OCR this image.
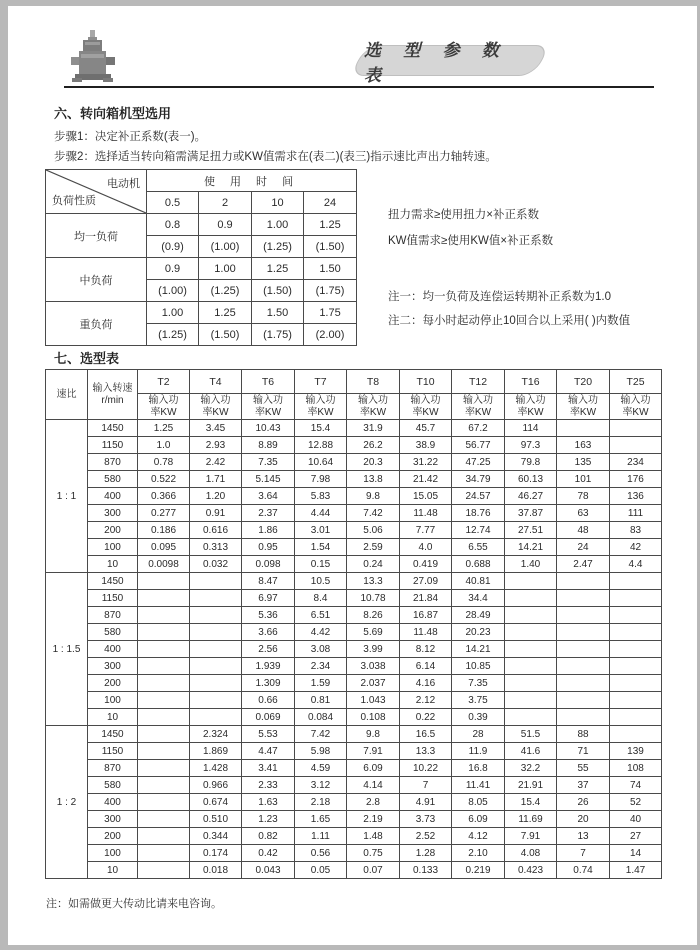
选 型 参 数 表
六、转向箱机型选用
步骤1：决定补正系数(表一)。
步骤2：选择适当转向箱需满足扭力或KW值需求在(表二)(表三)指示速比声出力轴转速。
电动机
负荷性质	使 用 时 间			
	0.5	2	10	24
均一负荷	0.8	0.9	1.00	1.25
	(0.9)	(1.00)	(1.25)	(1.50)
中负荷	0.9	1.00	1.25	1.50
	(1.00)	(1.25)	(1.50)	(1.75)
重负荷	1.00	1.25	1.50	1.75
	(1.25)	(1.50)	(1.75)	(2.00)
扭力需求≥使用扭力×补正系数
KW值需求≥使用KW值×补正系数
注一：均一负荷及连偿运转期补正系数为1.0
注二：每小时起动停止10回合以上采用( )内数值
七、选型表
速比	输入转速
r/min	T2	T4	T6	T7	T8	T10	T12	T16	T20	T25
		输入功率KW	输入功率KW	输入功率KW	输入功率KW	输入功率KW	输入功率KW	输入功率KW	输入功率KW	输入功率KW	输入功率KW
1 : 1	1450	1.25	3.45	10.43	15.4	31.9	45.7	67.2	114		
	1150	1.0	2.93	8.89	12.88	26.2	38.9	56.77	97.3	163	
	870	0.78	2.42	7.35	10.64	20.3	31.22	47.25	79.8	135	234
	580	0.522	1.71	5.145	7.98	13.8	21.42	34.79	60.13	101	176
	400	0.366	1.20	3.64	5.83	9.8	15.05	24.57	46.27	78	136
	300	0.277	0.91	2.37	4.44	7.42	11.48	18.76	37.87	63	111
	200	0.186	0.616	1.86	3.01	5.06	7.77	12.74	27.51	48	83
	100	0.095	0.313	0.95	1.54	2.59	4.0	6.55	14.21	24	42
	10	0.0098	0.032	0.098	0.15	0.24	0.419	0.688	1.40	2.47	4.4
1 : 1.5	1450			8.47	10.5	13.3	27.09	40.81			
	1150			6.97	8.4	10.78	21.84	34.4			
	870			5.36	6.51	8.26	16.87	28.49			
	580			3.66	4.42	5.69	11.48	20.23			
	400			2.56	3.08	3.99	8.12	14.21			
	300			1.939	2.34	3.038	6.14	10.85			
	200			1.309	1.59	2.037	4.16	7.35			
	100			0.66	0.81	1.043	2.12	3.75			
	10			0.069	0.084	0.108	0.22	0.39			
1 : 2	1450		2.324	5.53	7.42	9.8	16.5	28	51.5	88	
	1150		1.869	4.47	5.98	7.91	13.3	11.9	41.6	71	139
	870		1.428	3.41	4.59	6.09	10.22	16.8	32.2	55	108
	580		0.966	2.33	3.12	4.14	7	11.41	21.91	37	74
	400		0.674	1.63	2.18	2.8	4.91	8.05	15.4	26	52
	300		0.510	1.23	1.65	2.19	3.73	6.09	11.69	20	40
	200		0.344	0.82	1.11	1.48	2.52	4.12	7.91	13	27
	100		0.174	0.42	0.56	0.75	1.28	2.10	4.08	7	14
	10		0.018	0.043	0.05	0.07	0.133	0.219	0.423	0.74	1.47
注：如需做更大传动比请来电咨询。
